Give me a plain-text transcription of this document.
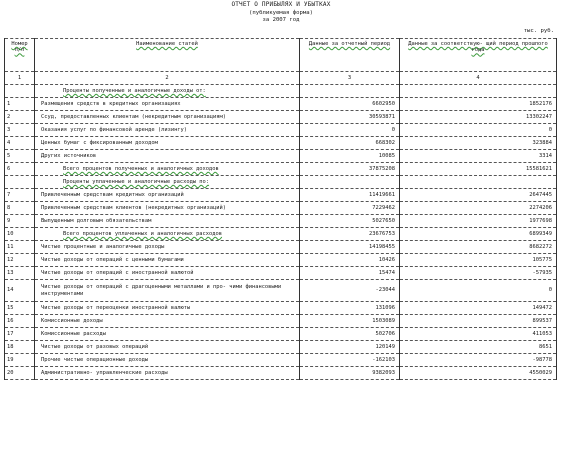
ОТЧЕТ О ПРИБЫЛЯХ И УБЫТКАХ
(публикуемая форма)
за 2007 год
тыс. руб.
Номер п/п	Наименование статей	Данные за отчетный период	Данные за соответствую- щий период прошлого года
1	2	3	4
	Проценты полученные и аналогичные доходы от:		
1	Размещения средств в кредитных организациях	6602950	1852176
2	Ссуд, предоставленных клиентам (некредитным организациям)	30593871	13302247
3	Оказания услуг по финансовой аренде (лизингу)	0	0
4	Ценных бумаг с фиксированным доходом	668302	323884
5	Других источников	10085	3314
6	Всего процентов полученных и аналогичных доходов	37875208	15581621
	Проценты уплаченные и аналогичные расходы по:		
7	Привлеченным средствам кредитных организаций	11419661	2647445
8	Привлеченным средствам клиентов (некредитных организаций)	7229462	2274206
9	Выпущенным долговым обязательствам	5027650	1977698
10	Всего процентов уплаченных и аналогичных расходов	23676753	6899349
11	Чистые процентные и аналогичные доходы	14198455	8682272
12	Чистые доходы от операций с ценными бумагами	10426	105775
13	Чистые доходы от операций с иностранной валютой	15474	-57935
14	Чистые доходы от операций с драгоценными металлами и про- чими финансовыми инструментами	-23044	0
15	Чистые доходы от переоценки иностранной валюты	131096	149472
16	Комиссионные доходы	1503089	899537
17	Комиссионные расходы	502706	411053
18	Чистые доходы от разовых операций	120149	8651
19	Прочие чистые операционные доходы	-162103	-98778
20	Административно- управленческие расходы	9382093	4550029
